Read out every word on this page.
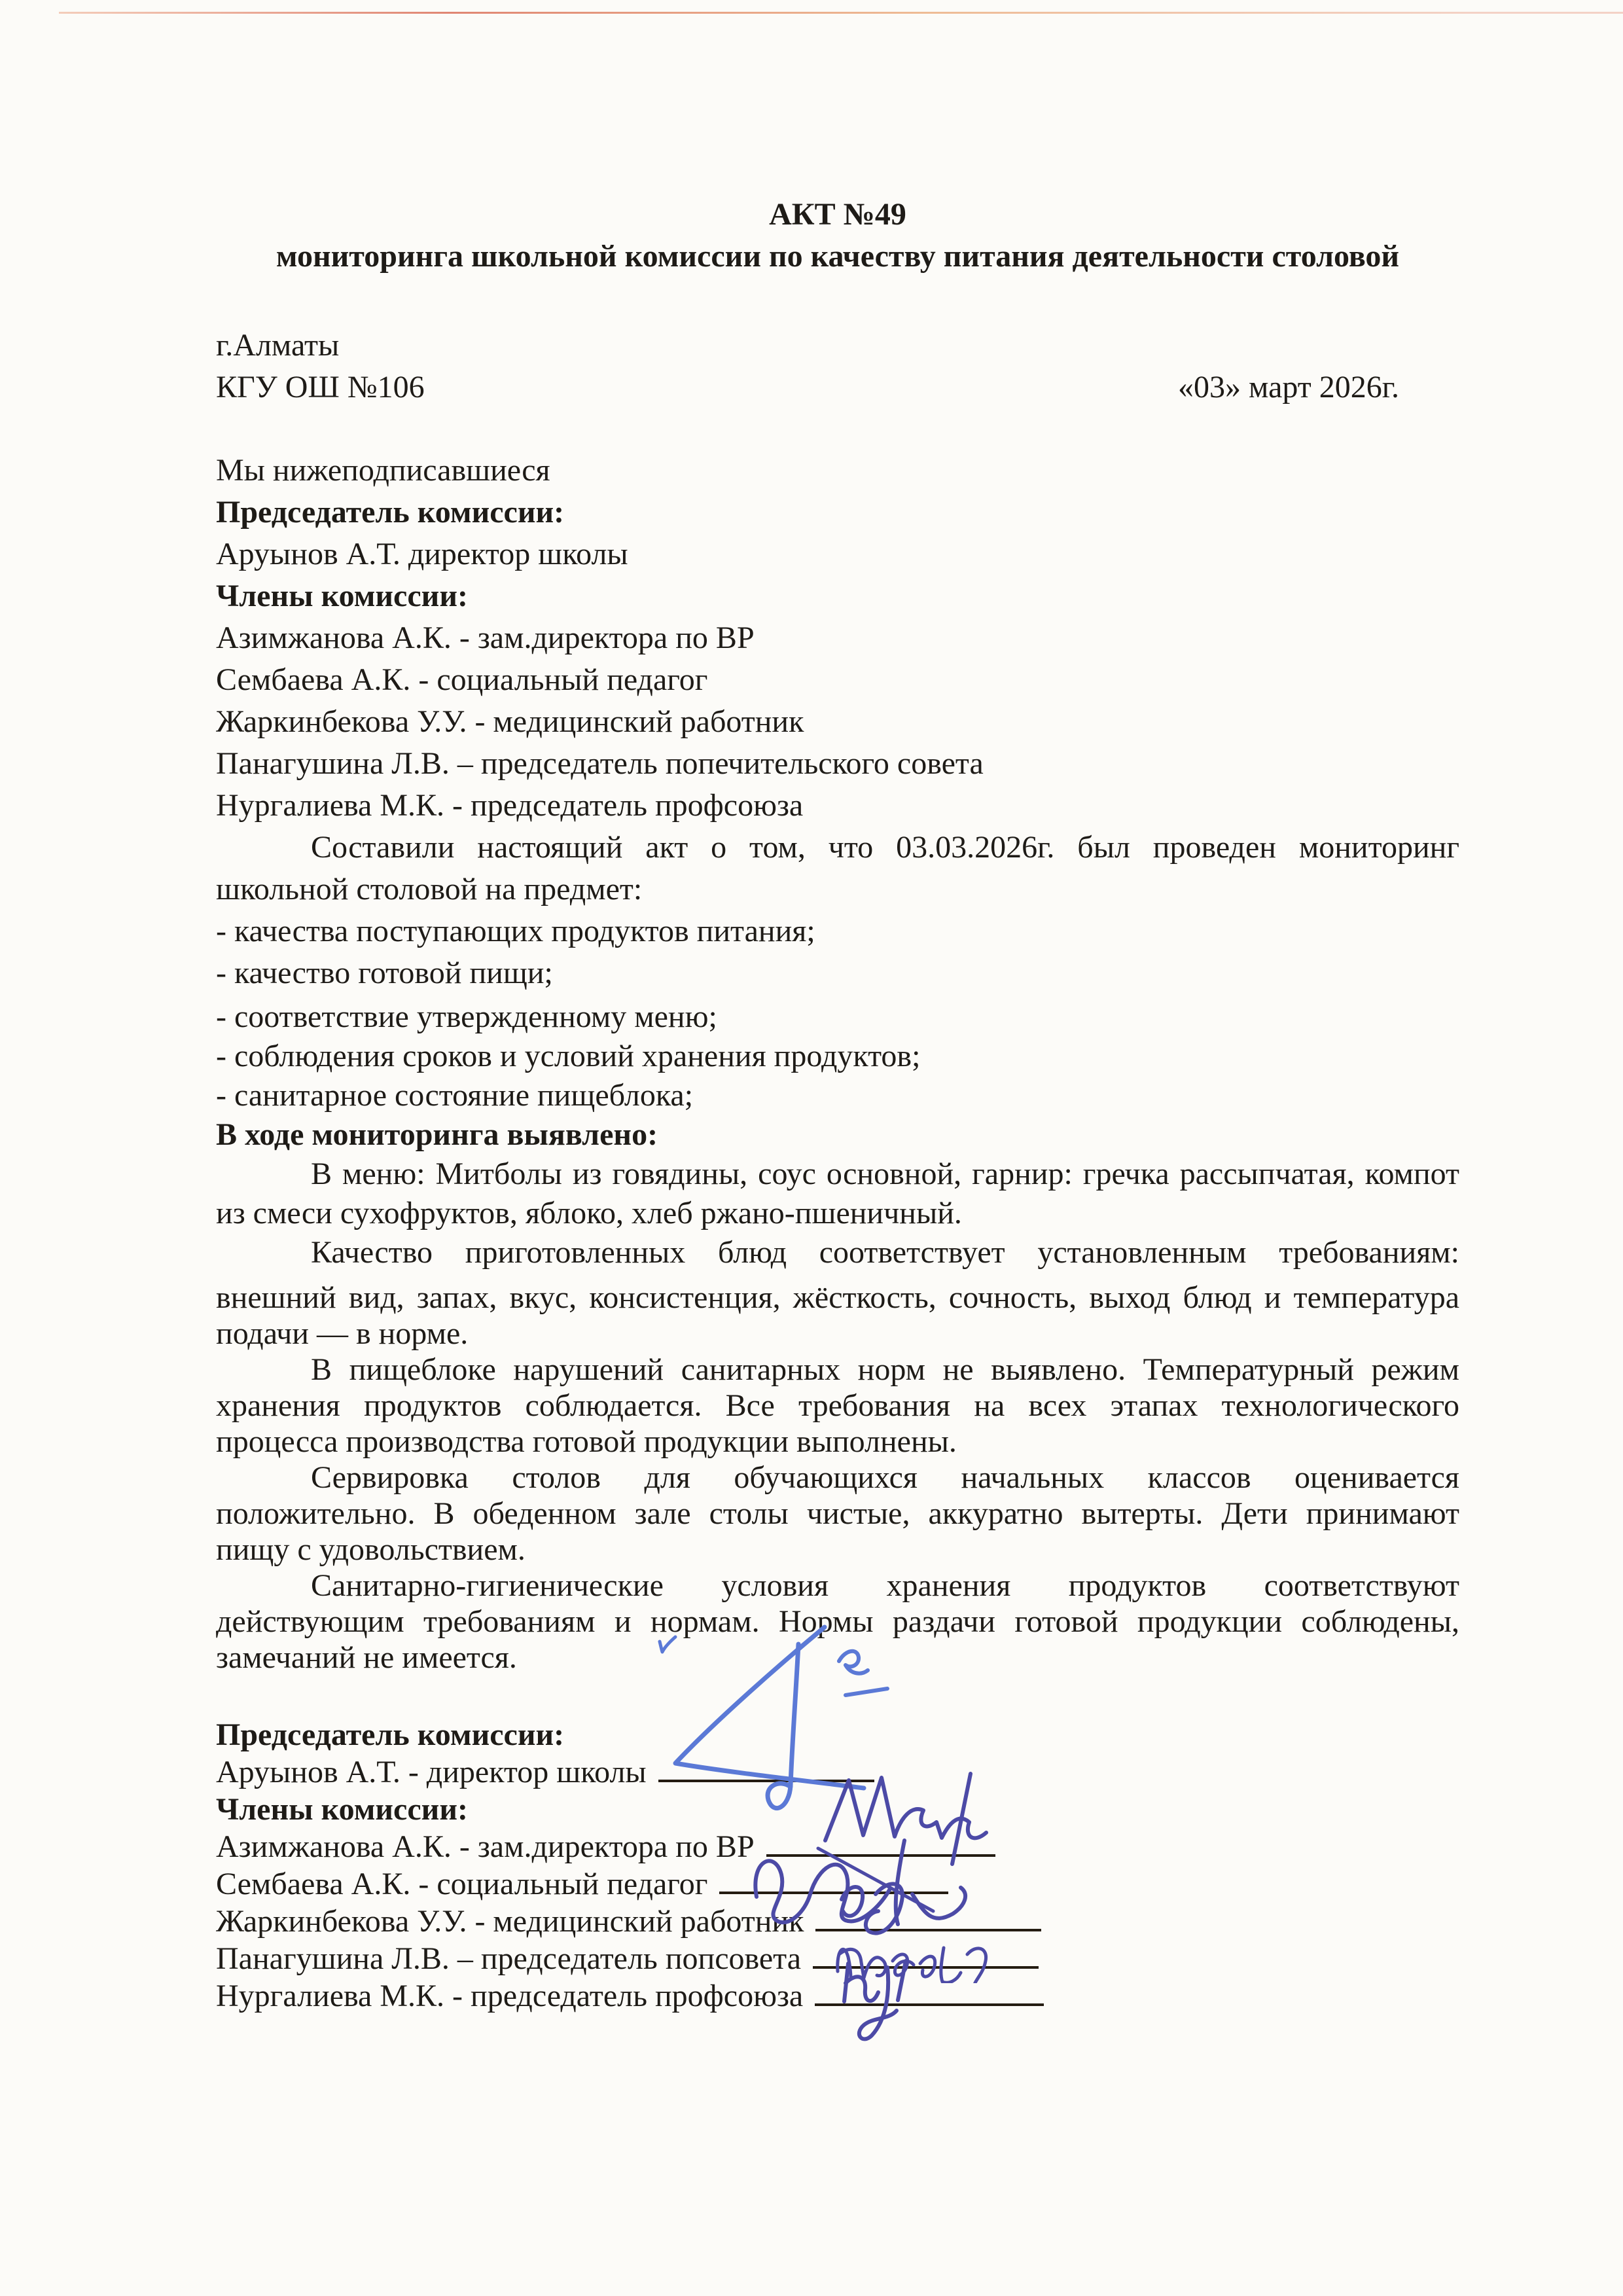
АКТ №49
мониторинга школьной комиссии по качеству питания деятельности столовой
г.Алматы
КГУ ОШ №106	«03» март 2026г.
Мы нижеподписавшиеся
Председатель комиссии:
Аруынов А.Т. директор школы
Члены комиссии:
Азимжанова А.К. - зам.директора по ВР
Сембаева А.К. - социальный педагог
Жаркинбекова У.У. - медицинский работник
Панагушина Л.В. – председатель попечительского совета
Нургалиева М.К. - председатель профсоюза
Составили настоящий акт о том, что 03.03.2026г. был проведен мониторинг
школьной столовой на предмет:
- качества поступающих продуктов питания;
- качество готовой пищи;
- соответствие утвержденному меню;
- соблюдения сроков и условий хранения продуктов;
- санитарное состояние пищеблока;
В ходе мониторинга выявлено:
В меню: Митболы из говядины, соус основной, гарнир: гречка рассыпчатая, компот
из смеси сухофруктов, яблоко, хлеб ржано-пшеничный.
Качество приготовленных блюд соответствует установленным требованиям:
внешний вид, запах, вкус, консистенция, жёсткость, сочность, выход блюд и температура
подачи — в норме.
В пищеблоке нарушений санитарных норм не выявлено. Температурный режим
хранения продуктов соблюдается. Все требования на всех этапах технологического
процесса производства готовой продукции выполнены.
Сервировка столов для обучающихся начальных классов оценивается
положительно. В обеденном зале столы чистые, аккуратно вытерты. Дети принимают
пищу с удовольствием.
Санитарно-гигиенические условия хранения продуктов соответствуют
действующим требованиям и нормам. Нормы раздачи готовой продукции соблюдены,
замечаний не имеется.
Председатель комиссии:
Аруынов А.Т. - директор школы
Члены комиссии:
Азимжанова А.К. - зам.директора по ВР
Сембаева А.К. - социальный педагог
Жаркинбекова У.У. - медицинский работник
Панагушина Л.В. – председатель попсовета
Нургалиева М.К. - председатель профсоюза
